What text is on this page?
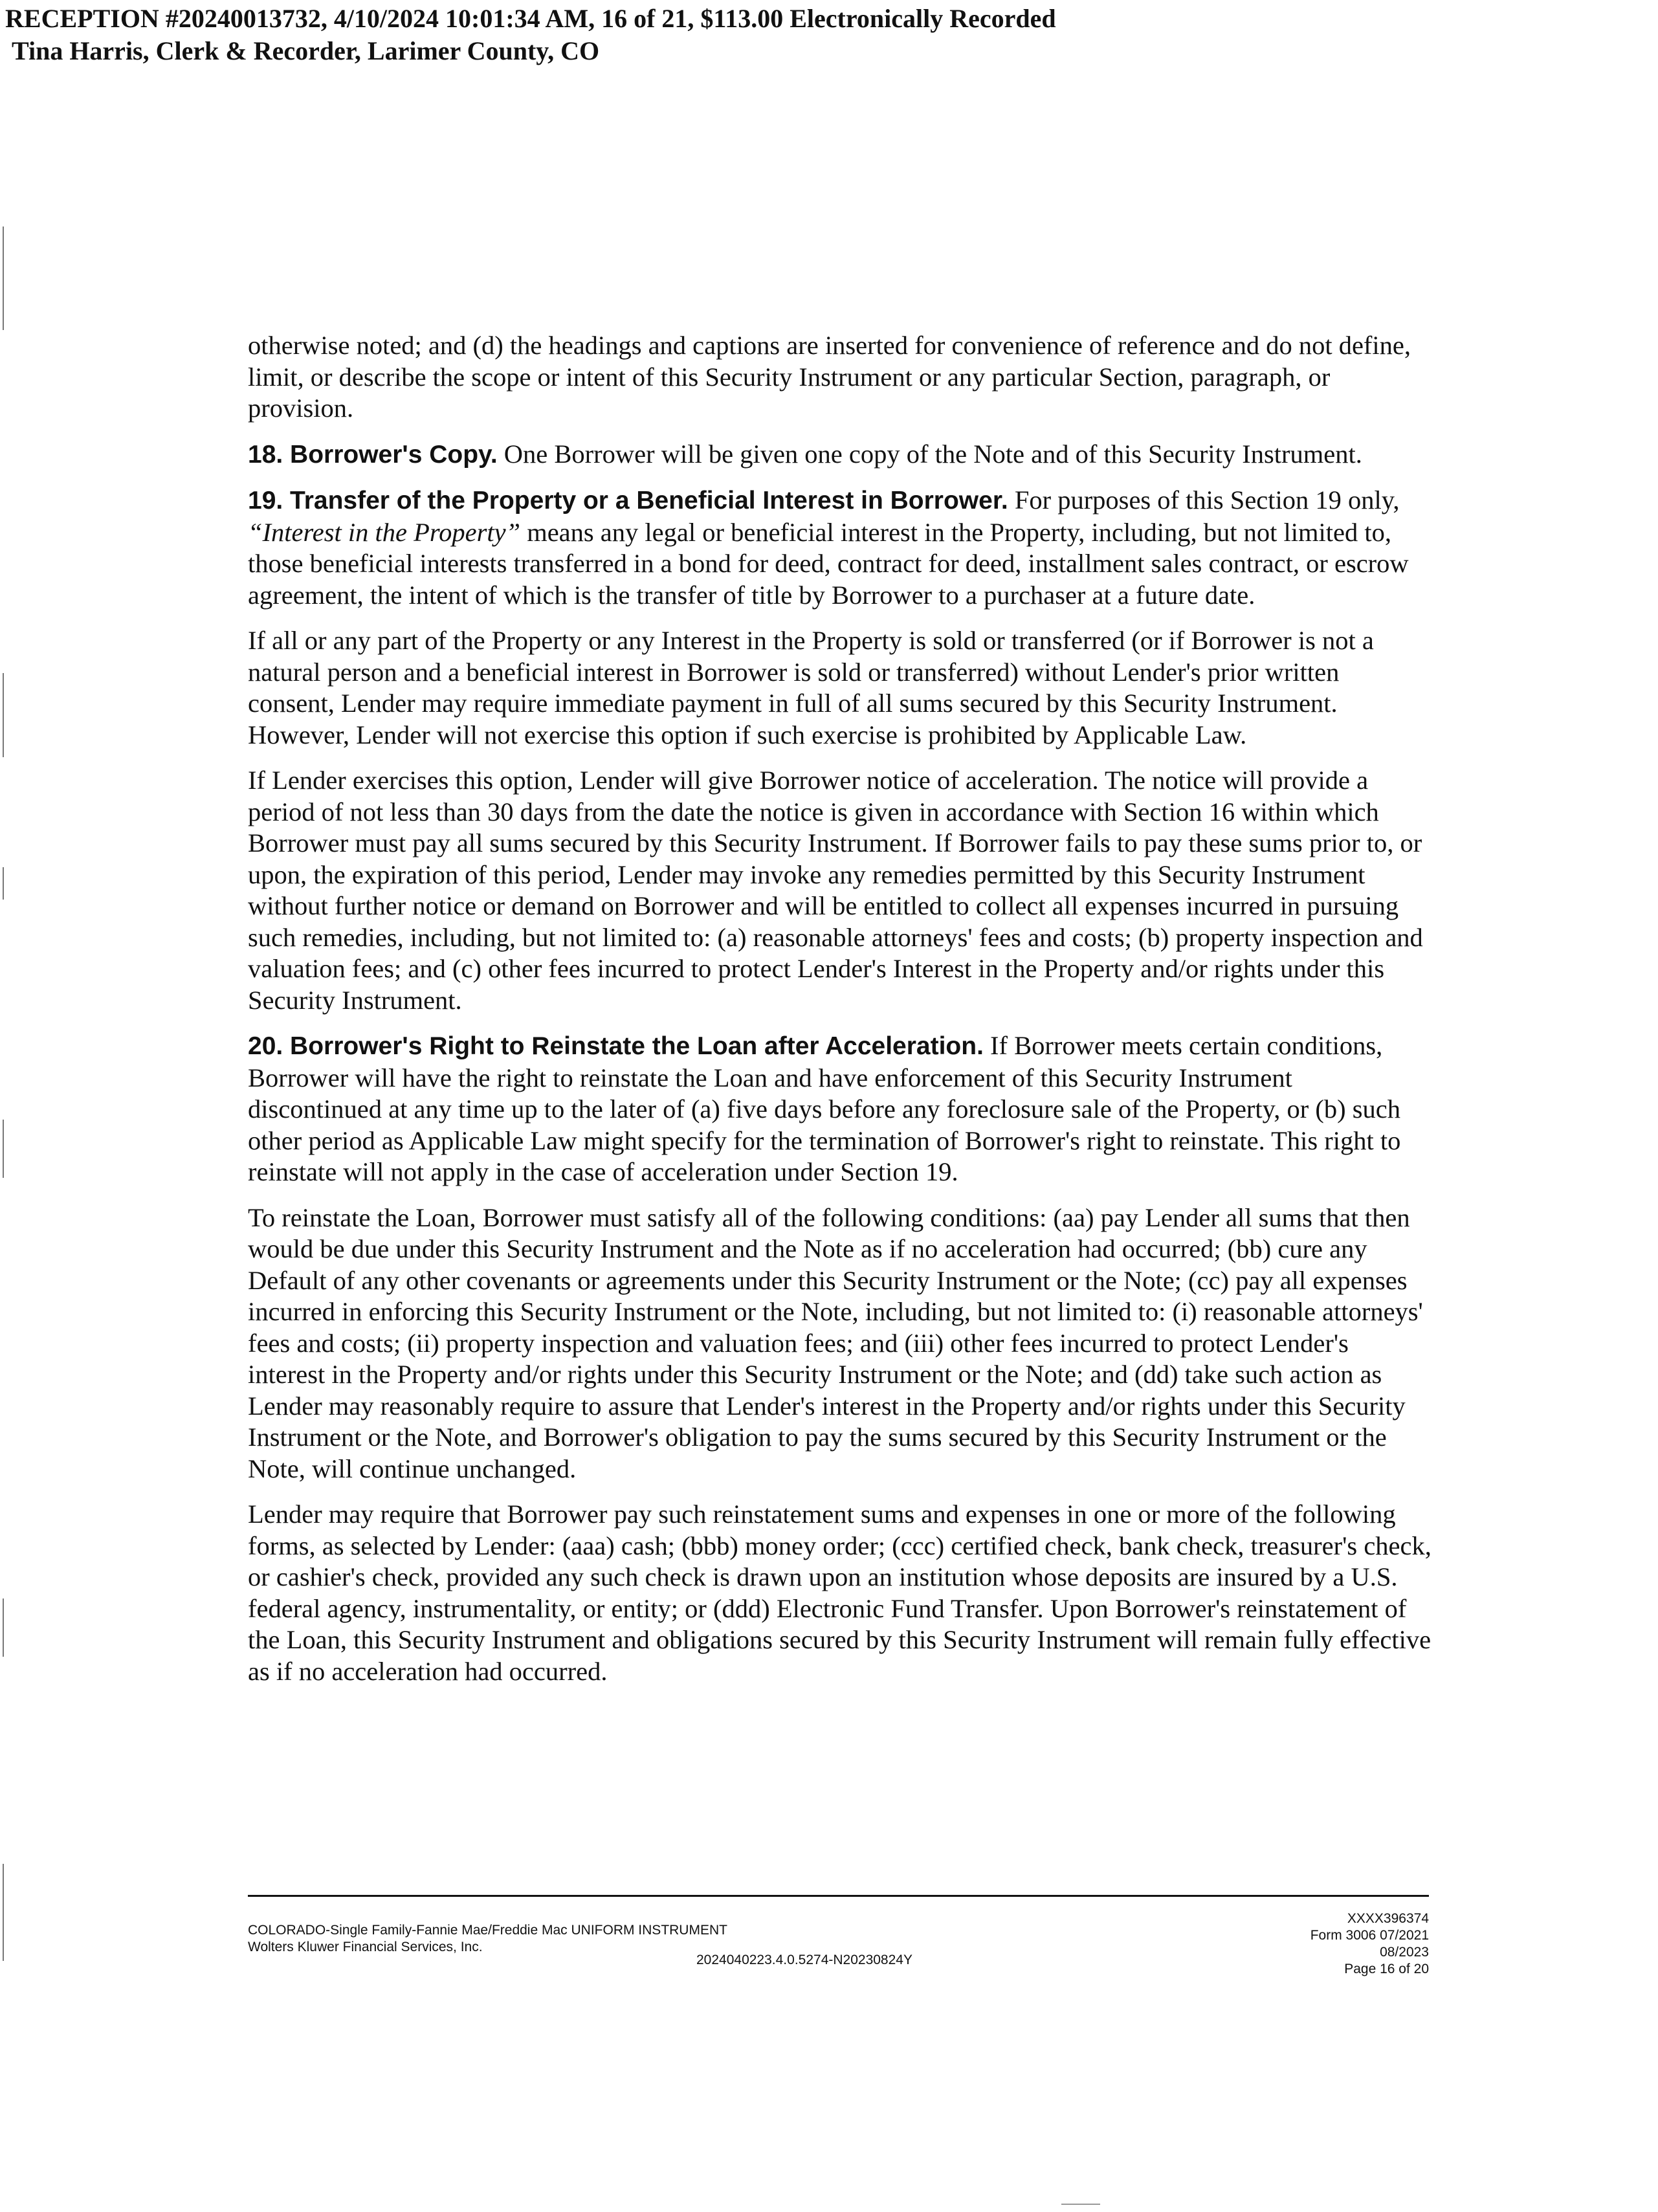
RECEPTION #20240013732, 4/10/2024 10:01:34 AM, 16 of 21, $113.00 Electronically Recorded
Tina Harris, Clerk & Recorder, Larimer County, CO

otherwise noted; and (d) the headings and captions are inserted for convenience of reference and do not define, limit, or describe the scope or intent of this Security Instrument or any particular Section, paragraph, or provision.

18. Borrower's Copy. One Borrower will be given one copy of the Note and of this Security Instrument.

19. Transfer of the Property or a Beneficial Interest in Borrower. For purposes of this Section 19 only, “Interest in the Property” means any legal or beneficial interest in the Property, including, but not limited to, those beneficial interests transferred in a bond for deed, contract for deed, installment sales contract, or escrow agreement, the intent of which is the transfer of title by Borrower to a purchaser at a future date.

If all or any part of the Property or any Interest in the Property is sold or transferred (or if Borrower is not a natural person and a beneficial interest in Borrower is sold or transferred) without Lender's prior written consent, Lender may require immediate payment in full of all sums secured by this Security Instrument. However, Lender will not exercise this option if such exercise is prohibited by Applicable Law.

If Lender exercises this option, Lender will give Borrower notice of acceleration. The notice will provide a period of not less than 30 days from the date the notice is given in accordance with Section 16 within which Borrower must pay all sums secured by this Security Instrument. If Borrower fails to pay these sums prior to, or upon, the expiration of this period, Lender may invoke any remedies permitted by this Security Instrument without further notice or demand on Borrower and will be entitled to collect all expenses incurred in pursuing such remedies, including, but not limited to: (a) reasonable attorneys' fees and costs; (b) property inspection and valuation fees; and (c) other fees incurred to protect Lender's Interest in the Property and/or rights under this Security Instrument.

20. Borrower's Right to Reinstate the Loan after Acceleration. If Borrower meets certain conditions, Borrower will have the right to reinstate the Loan and have enforcement of this Security Instrument discontinued at any time up to the later of (a) five days before any foreclosure sale of the Property, or (b) such other period as Applicable Law might specify for the termination of Borrower's right to reinstate. This right to reinstate will not apply in the case of acceleration under Section 19.

To reinstate the Loan, Borrower must satisfy all of the following conditions: (aa) pay Lender all sums that then would be due under this Security Instrument and the Note as if no acceleration had occurred; (bb) cure any Default of any other covenants or agreements under this Security Instrument or the Note; (cc) pay all expenses incurred in enforcing this Security Instrument or the Note, including, but not limited to: (i) reasonable attorneys' fees and costs; (ii) property inspection and valuation fees; and (iii) other fees incurred to protect Lender's interest in the Property and/or rights under this Security Instrument or the Note; and (dd) take such action as Lender may reasonably require to assure that Lender's interest in the Property and/or rights under this Security Instrument or the Note, and Borrower's obligation to pay the sums secured by this Security Instrument or the Note, will continue unchanged.

Lender may require that Borrower pay such reinstatement sums and expenses in one or more of the following forms, as selected by Lender: (aaa) cash; (bbb) money order; (ccc) certified check, bank check, treasurer's check, or cashier's check, provided any such check is drawn upon an institution whose deposits are insured by a U.S. federal agency, instrumentality, or entity; or (ddd) Electronic Fund Transfer. Upon Borrower's reinstatement of the Loan, this Security Instrument and obligations secured by this Security Instrument will remain fully effective as if no acceleration had occurred.

COLORADO-Single Family-Fannie Mae/Freddie Mac UNIFORM INSTRUMENT
Wolters Kluwer Financial Services, Inc.
2024040223.4.0.5274-N20230824Y
XXXX396374
Form 3006 07/2021
08/2023
Page 16 of 20
